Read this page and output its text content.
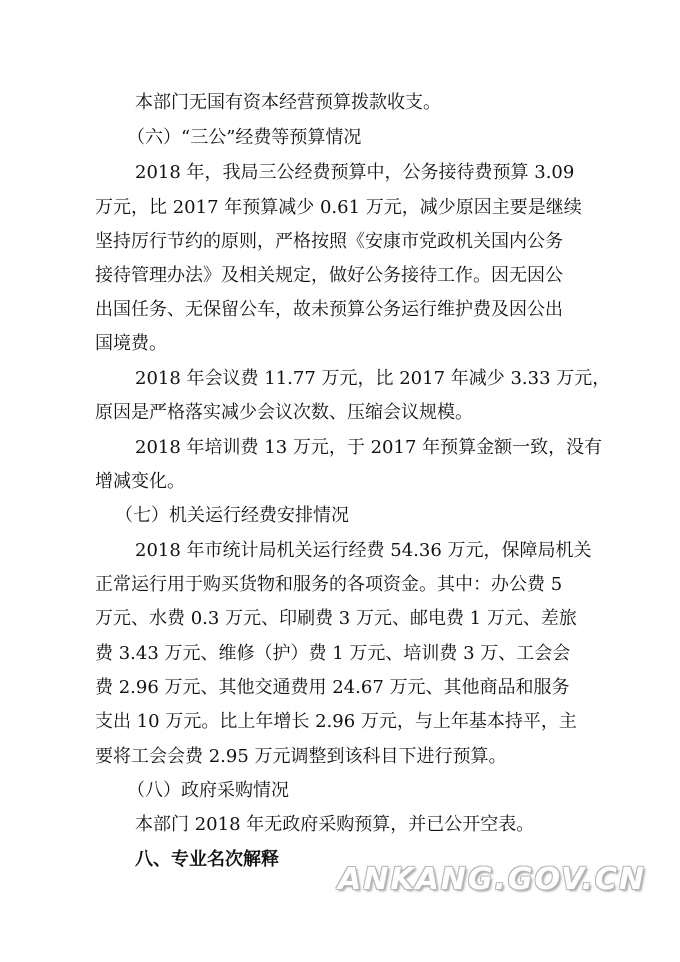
本部门无国有资本经营预算拨款收支。
（六）“三公”经费等预算情况
2018 年，我局三公经费预算中，公务接待费预算 3.09
万元，比 2017 年预算减少 0.61 万元，减少原因主要是继续
坚持厉行节约的原则，严格按照《安康市党政机关国内公务
接待管理办法》及相关规定，做好公务接待工作。因无因公
出国任务、无保留公车，故未预算公务运行维护费及因公出
国境费。
2018 年会议费 11.77 万元，比 2017 年减少 3.33 万元，
原因是严格落实减少会议次数、压缩会议规模。
2018 年培训费 13 万元，于 2017 年预算金额一致，没有
增减变化。
（七）机关运行经费安排情况
2018 年市统计局机关运行经费 54.36 万元，保障局机关
正常运行用于购买货物和服务的各项资金。其中：办公费 5
万元、水费 0.3 万元、印刷费 3 万元、邮电费 1 万元、差旅
费 3.43 万元、维修（护）费 1 万元、培训费 3 万、工会会
费 2.96 万元、其他交通费用 24.67 万元、其他商品和服务
支出 10 万元。比上年增长 2.96 万元，与上年基本持平，主
要将工会会费 2.95 万元调整到该科目下进行预算。
（八）政府采购情况
本部门 2018 年无政府采购预算，并已公开空表。
八、专业名次解释
ANKANG.GOV.CN
